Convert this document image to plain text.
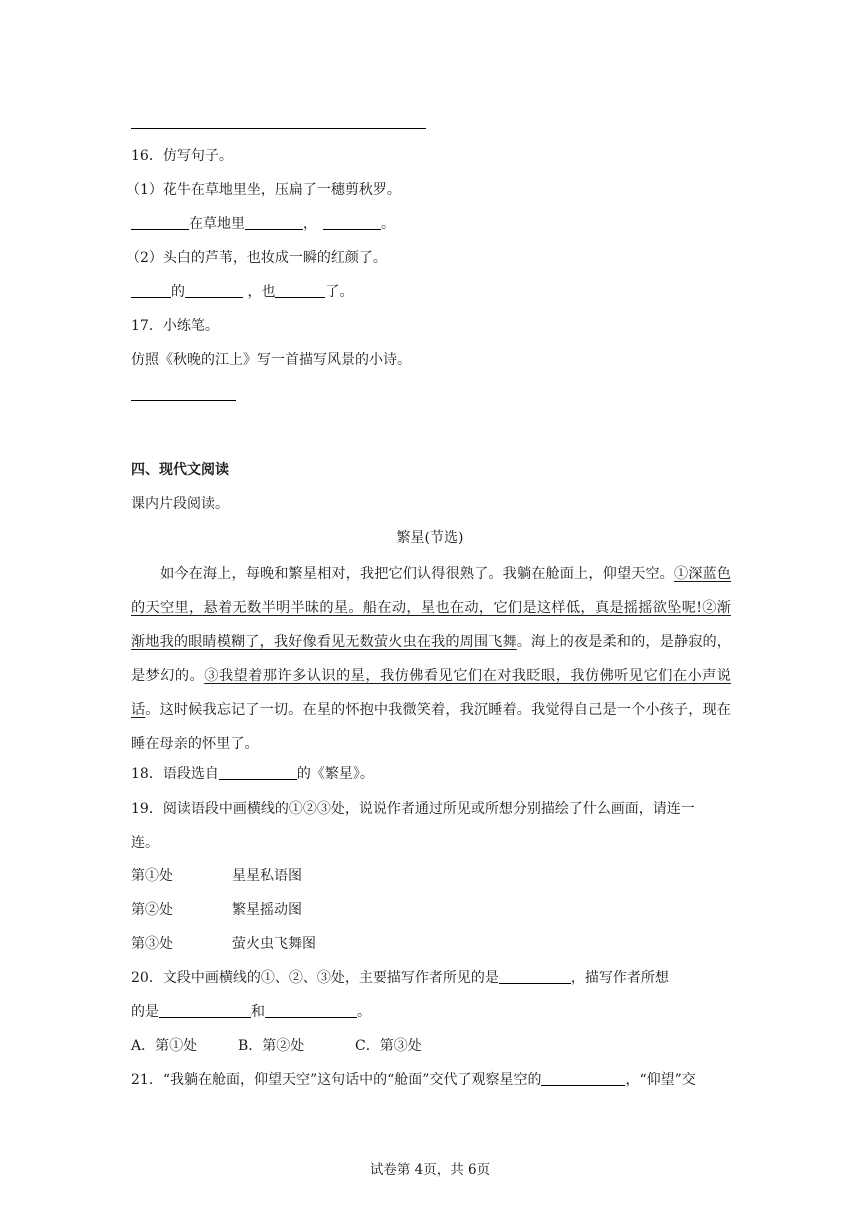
16．仿写句子。
（1）花牛在草地里坐，压扁了一穗剪秋罗。
在草地里	，	。
（2）头白的芦苇，也妆成一瞬的红颜了。
的	，也	了。
17．小练笔。
仿照《秋晚的江上》写一首描写风景的小诗。
四、现代文阅读
课内片段阅读。
繁星(节选)
如今在海上，每晚和繁星相对，我把它们认得很熟了。我躺在舱面上，仰望天空。①深蓝色的天空里，悬着无数半明半昧的星。船在动，星也在动，它们是这样低，真是摇摇欲坠呢!②渐渐地我的眼睛模糊了，我好像看见无数萤火虫在我的周围飞舞。海上的夜是柔和的，是静寂的，是梦幻的。③我望着那许多认识的星，我仿佛看见它们在对我眨眼，我仿佛听见它们在小声说话。这时候我忘记了一切。在星的怀抱中我微笑着，我沉睡着。我觉得自己是一个小孩子，现在睡在母亲的怀里了。
18．语段选自	的《繁星》。
19．阅读语段中画横线的①②③处，说说作者通过所见或所想分别描绘了什么画面，请连一
连。
第①处	星星私语图
第②处	繁星摇动图
第③处	萤火虫飞舞图
20．文段中画横线的①、②、③处，主要描写作者所见的是	，描写作者所想
的是	和	。
A．第①处	B．第②处	C．第③处
21．“我躺在舱面，仰望天空”这句话中的“舱面”交代了观察星空的	，“仰望”交
试卷第 4页，共 6页
